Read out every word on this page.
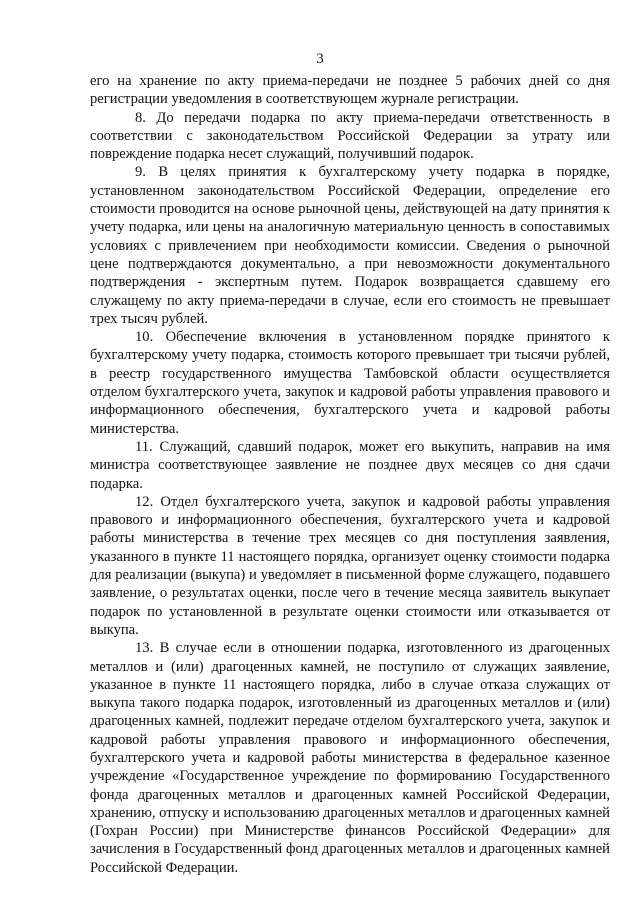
3

его на хранение по акту приема-передачи не позднее 5 рабочих дней со дня регистрации уведомления в соответствующем журнале регистрации.

8. До передачи подарка по акту приема-передачи ответственность в соответствии с законодательством Российской Федерации за утрату или повреждение подарка несет служащий, получивший подарок.

9. В целях принятия к бухгалтерскому учету подарка в порядке, установленном законодательством Российской Федерации, определение его стоимости проводится на основе рыночной цены, действующей на дату принятия к учету подарка, или цены на аналогичную материальную ценность в сопоставимых условиях с привлечением при необходимости комиссии. Сведения о рыночной цене подтверждаются документально, а при невозможности документального подтверждения - экспертным путем. Подарок возвращается сдавшему его служащему по акту приема-передачи в случае, если его стоимость не превышает трех тысяч рублей.

10. Обеспечение включения в установленном порядке принятого к бухгалтерскому учету подарка, стоимость которого превышает три тысячи рублей, в реестр государственного имущества Тамбовской области осуществляется отделом бухгалтерского учета, закупок и кадровой работы управления правового и информационного обеспечения, бухгалтерского учета и кадровой работы министерства.

11. Служащий, сдавший подарок, может его выкупить, направив на имя министра соответствующее заявление не позднее двух месяцев со дня сдачи подарка.

12. Отдел бухгалтерского учета, закупок и кадровой работы управления правового и информационного обеспечения, бухгалтерского учета и кадровой работы министерства в течение трех месяцев со дня поступления заявления, указанного в пункте 11 настоящего порядка, организует оценку стоимости подарка для реализации (выкупа) и уведомляет в письменной форме служащего, подавшего заявление, о результатах оценки, после чего в течение месяца заявитель выкупает подарок по установленной в результате оценки стоимости или отказывается от выкупа.

13. В случае если в отношении подарка, изготовленного из драгоценных металлов и (или) драгоценных камней, не поступило от служащих заявление, указанное в пункте 11 настоящего порядка, либо в случае отказа служащих от выкупа такого подарка подарок, изготовленный из драгоценных металлов и (или) драгоценных камней, подлежит передаче отделом бухгалтерского учета, закупок и кадровой работы управления правового и информационного обеспечения, бухгалтерского учета и кадровой работы министерства в федеральное казенное учреждение «Государственное учреждение по формированию Государственного фонда драгоценных металлов и драгоценных камней Российской Федерации, хранению, отпуску и использованию драгоценных металлов и драгоценных камней (Гохран России) при Министерстве финансов Российской Федерации» для зачисления в Государственный фонд драгоценных металлов и драгоценных камней Российской Федерации.
